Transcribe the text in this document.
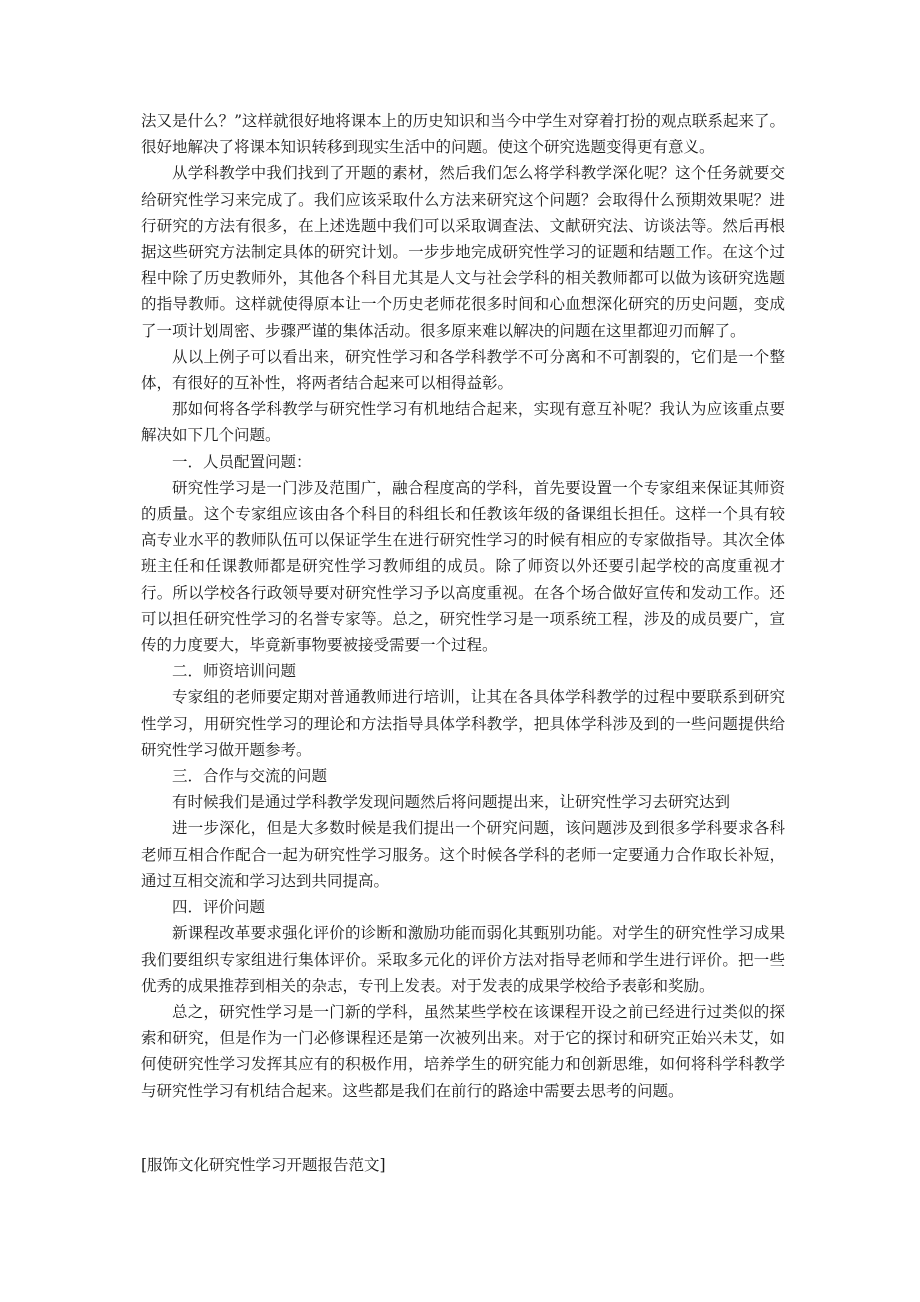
法又是什么？”这样就很好地将课本上的历史知识和当今中学生对穿着打扮的观点联系起来了。很好地解决了将课本知识转移到现实生活中的问题。使这个研究选题变得更有意义。

从学科教学中我们找到了开题的素材，然后我们怎么将学科教学深化呢？这个任务就要交给研究性学习来完成了。我们应该采取什么方法来研究这个问题？会取得什么预期效果呢？进行研究的方法有很多，在上述选题中我们可以采取调查法、文献研究法、访谈法等。然后再根据这些研究方法制定具体的研究计划。一步步地完成研究性学习的证题和结题工作。在这个过程中除了历史教师外，其他各个科目尤其是人文与社会学科的相关教师都可以做为该研究选题的指导教师。这样就使得原本让一个历史老师花很多时间和心血想深化研究的历史问题，变成了一项计划周密、步骤严谨的集体活动。很多原来难以解决的问题在这里都迎刃而解了。

从以上例子可以看出来，研究性学习和各学科教学不可分离和不可割裂的，它们是一个整体，有很好的互补性，将两者结合起来可以相得益彰。

那如何将各学科教学与研究性学习有机地结合起来，实现有意互补呢？我认为应该重点要解决如下几个问题。

一．人员配置问题：

研究性学习是一门涉及范围广，融合程度高的学科，首先要设置一个专家组来保证其师资的质量。这个专家组应该由各个科目的科组长和任教该年级的备课组长担任。这样一个具有较高专业水平的教师队伍可以保证学生在进行研究性学习的时候有相应的专家做指导。其次全体班主任和任课教师都是研究性学习教师组的成员。除了师资以外还要引起学校的高度重视才行。所以学校各行政领导要对研究性学习予以高度重视。在各个场合做好宣传和发动工作。还可以担任研究性学习的名誉专家等。总之，研究性学习是一项系统工程，涉及的成员要广，宣传的力度要大，毕竟新事物要被接受需要一个过程。

二．师资培训问题

专家组的老师要定期对普通教师进行培训，让其在各具体学科教学的过程中要联系到研究性学习，用研究性学习的理论和方法指导具体学科教学，把具体学科涉及到的一些问题提供给研究性学习做开题参考。

三．合作与交流的问题

有时候我们是通过学科教学发现问题然后将问题提出来，让研究性学习去研究达到

进一步深化，但是大多数时候是我们提出一个研究问题，该问题涉及到很多学科要求各科老师互相合作配合一起为研究性学习服务。这个时候各学科的老师一定要通力合作取长补短，通过互相交流和学习达到共同提高。

四．评价问题

新课程改革要求强化评价的诊断和激励功能而弱化其甄别功能。对学生的研究性学习成果我们要组织专家组进行集体评价。采取多元化的评价方法对指导老师和学生进行评价。把一些优秀的成果推荐到相关的杂志，专刊上发表。对于发表的成果学校给予表彰和奖励。

总之，研究性学习是一门新的学科，虽然某些学校在该课程开设之前已经进行过类似的探索和研究，但是作为一门必修课程还是第一次被列出来。对于它的探讨和研究正始兴未艾，如何使研究性学习发挥其应有的积极作用，培养学生的研究能力和创新思维，如何将科学科教学与研究性学习有机结合起来。这些都是我们在前行的路途中需要去思考的问题。

[服饰文化研究性学习开题报告范文]
